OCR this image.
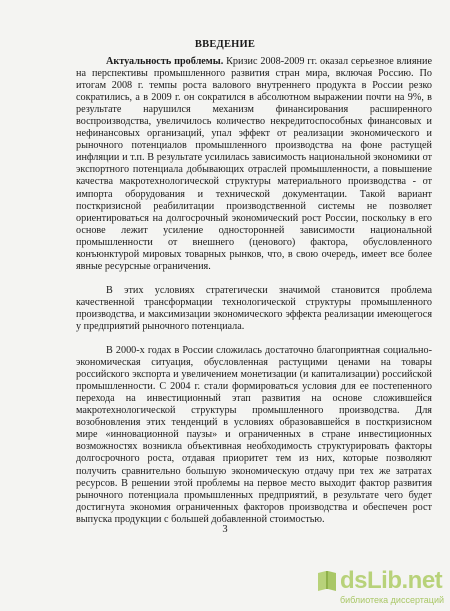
ВВЕДЕНИЕ

Актуальность проблемы. Кризис 2008-2009 гг. оказал серьезное влияние на перспективы промышленного развития стран мира, включая Россию. По итогам 2008 г. темпы роста валового внутреннего продукта в России резко сократились, а в 2009 г. он сократился в абсолютном выражении почти на 9%, в результате нарушился механизм финансирования расширенного воспроизводства, увеличилось количество некредитоспособных финансовых и нефинансовых организаций, упал эффект от реализации экономического и рыночного потенциалов промышленного производства на фоне растущей инфляции и т.п. В результате усилилась зависимость национальной экономики от экспортного потенциала добывающих отраслей промышленности, а повышение качества макротехнологической структуры материального производства - от импорта оборудования и технической документации. Такой вариант посткризисной реабилитации производственной системы не позволяет ориентироваться на долгосрочный экономический рост России, поскольку в его основе лежит усиление односторонней зависимости национальной промышленности от внешнего (ценового) фактора, обусловленного конъюнктурой мировых товарных рынков, что, в свою очередь, имеет все более явные ресурсные ограничения.

В этих условиях стратегически значимой становится проблема качественной трансформации технологической структуры промышленного производства, и максимизации экономического эффекта реализации имеющегося у предприятий рыночного потенциала.

В 2000-х годах в России сложилась достаточно благоприятная социально-экономическая ситуация, обусловленная растущими ценами на товары российского экспорта и увеличением монетизации (и капитализации) российской промышленности. С 2004 г. стали формироваться условия для ее постепенного перехода на инвестиционный этап развития на основе сложившейся макротехнологической структуры промышленного производства. Для возобновления этих тенденций в условиях образовавшейся в посткризисном мире «инновационной паузы» и ограниченных в стране инвестиционных возможностях возникла объективная необходимость структурировать факторы долгосрочного роста, отдавая приоритет тем из них, которые позволяют получить сравнительно большую экономическую отдачу при тех же затратах ресурсов. В решении этой проблемы на первое место выходит фактор развития рыночного потенциала промышленных предприятий, в результате чего будет достигнута экономия ограниченных факторов производства и обеспечен рост выпуска продукции с большей добавленной стоимостью.

3
dsLib.net
библиотека диссертаций
